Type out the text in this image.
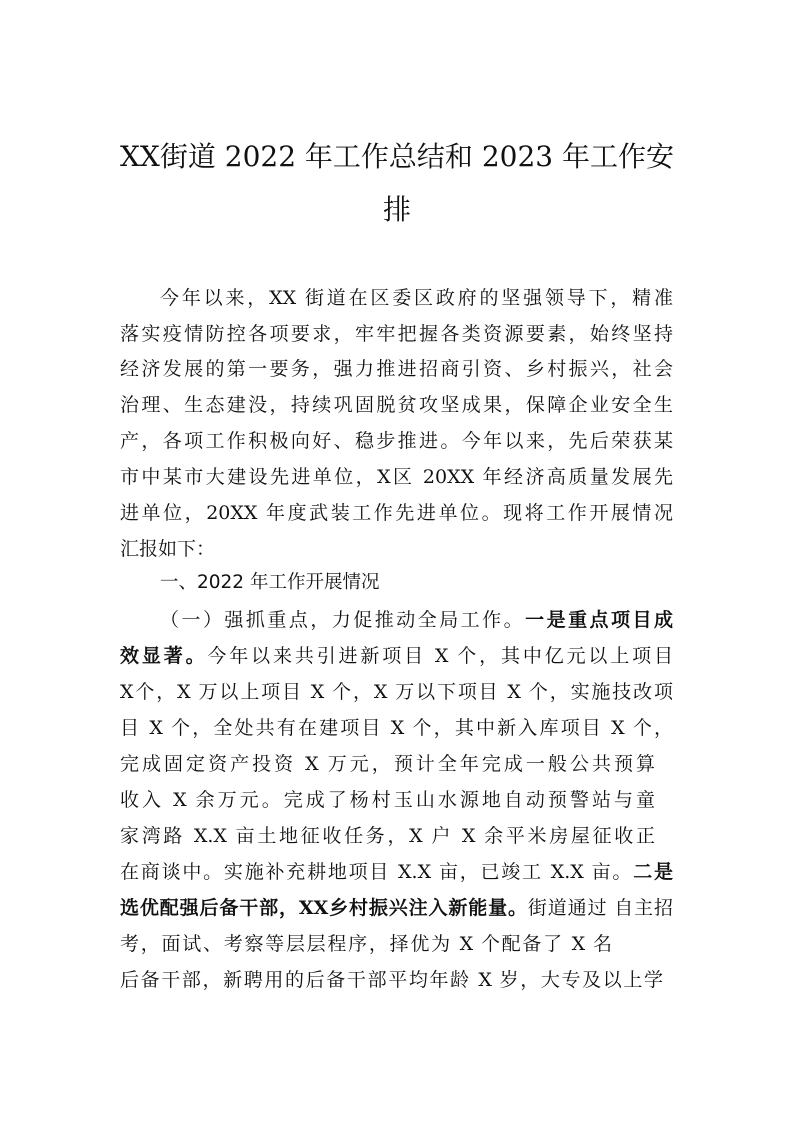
XX街道 2022 年工作总结和 2023 年工作安
排
今年以来，XX 街道在区委区政府的坚强领导下，精准
落实疫情防控各项要求，牢牢把握各类资源要素，始终坚持
经济发展的第一要务，强力推进招商引资、乡村振兴，社会
治理、生态建没，持续巩固脱贫攻坚成果，保障企业安全生
产，各项工作积极向好、稳步推进。今年以来，先后荣获某
市中某市大建设先进单位，X区 20XX 年经济高质量发展先
进单位，20XX 年度武装工作先进单位。现将工作开展情况
汇报如下：
一、2022 年工作开展情况
（一）强抓重点，力促推动全局工作。一是重点项目成
效显著。今年以来共引进新项目 X 个，其中亿元以上项目
X个，X 万以上项目 X 个，X 万以下项目 X 个，实施技改项
目 X 个，全处共有在建项目 X 个，其中新入库项目 X 个，
完成固定资产投资 X 万元，预计全年完成一般公共预算
收入 X 余万元。完成了杨村玉山水源地自动预警站与童
家湾路 X.X 亩土地征收任务，X 户 X 余平米房屋征收正
在商谈中。实施补充耕地项目 X.X 亩，已竣工 X.X 亩。二是
选优配强后备干部，XX乡村振兴注入新能量。街道通过 自主招
考，面试、考察等层层程序，择优为 X 个配备了 X 名
后备干部，新聘用的后备干部平均年龄 X 岁，大专及以上学
